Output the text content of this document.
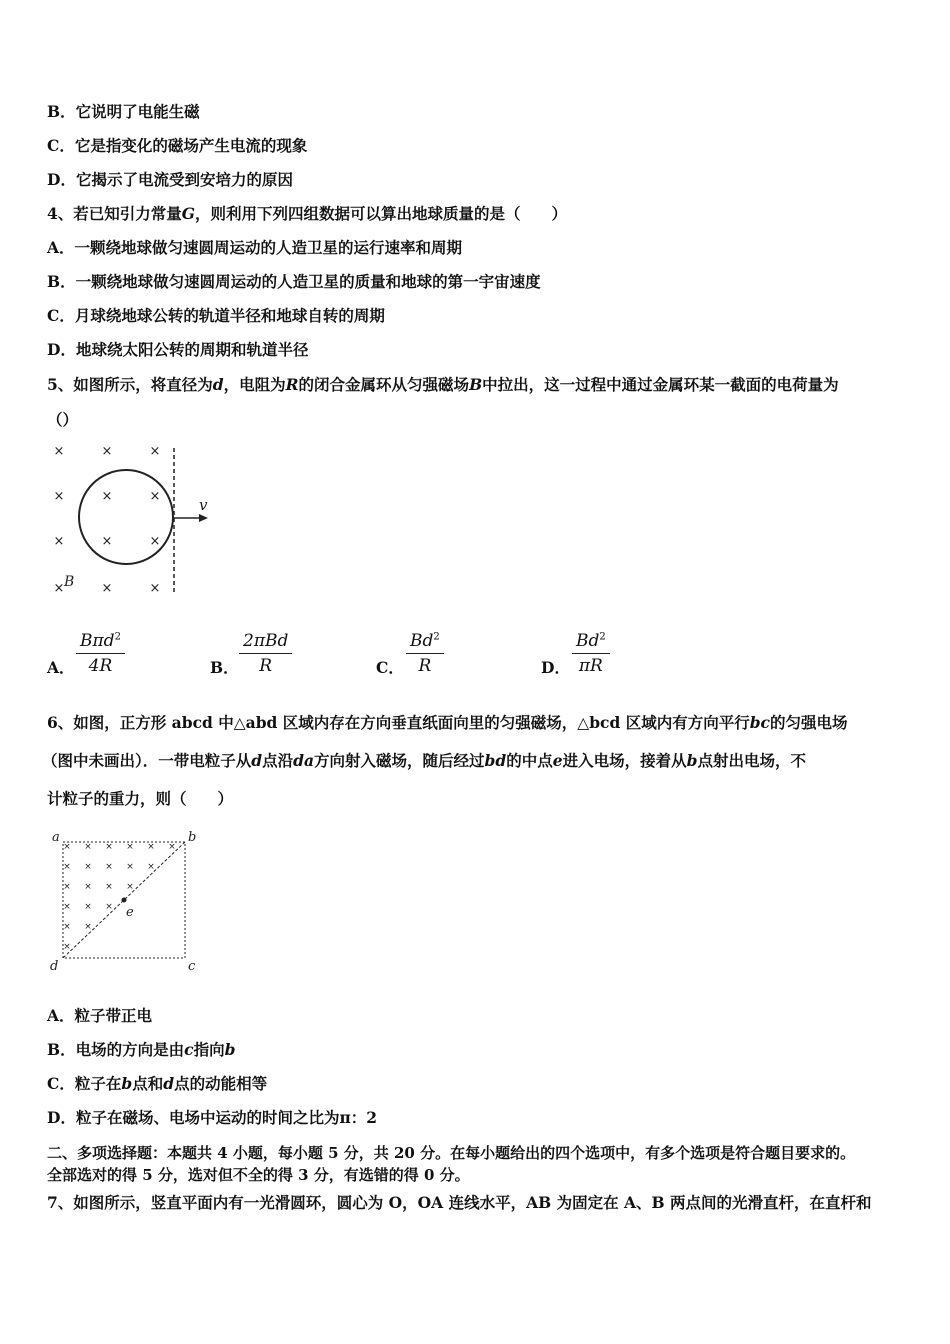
B．它说明了电能生磁
C．它是指变化的磁场产生电流的现象
D．它揭示了电流受到安培力的原因
4、若已知引力常量G，则利用下列四组数据可以算出地球质量的是（　　）
A．一颗绕地球做匀速圆周运动的人造卫星的运行速率和周期
B．一颗绕地球做匀速圆周运动的人造卫星的质量和地球的第一宇宙速度
C．月球绕地球公转的轨道半径和地球自转的周期
D．地球绕太阳公转的周期和轨道半径
5、如图所示，将直径为d，电阻为R的闭合金属环从匀强磁场B中拉出，这一过程中通过金属环某一截面的电荷量为
（）
×	×	×
×	×	×
×	×	×
×	×	×
v
B
A．
Bπd$^2$
4R	B．
2πBd
R	C．
Bd$^2$
R	D．
Bd$^2$
πR
6、如图，正方形 abcd 中△abd 区域内存在方向垂直纸面向里的匀强磁场，△bcd 区域内有方向平行bc的匀强电场
（图中未画出）．一带电粒子从d点沿da方向射入磁场，随后经过bd的中点e进入电场，接着从b点射出电场，不
计粒子的重力，则（　　）
× × × × × ×
× × × × ×
× × × ×
× × ×
× ×
×
a	b
c
d
e
A．粒子带正电
B．电场的方向是由c指向b
C．粒子在b点和d点的动能相等
D．粒子在磁场、电场中运动的时间之比为π：2
二、多项选择题：本题共 4 小题，每小题 5 分，共 20 分。在每小题给出的四个选项中，有多个选项是符合题目要求的。
全部选对的得 5 分，选对但不全的得 3 分，有选错的得 0 分。
7、如图所示，竖直平面内有一光滑圆环，圆心为 O，OA 连线水平，AB 为固定在 A、B 两点间的光滑直杆，在直杆和
